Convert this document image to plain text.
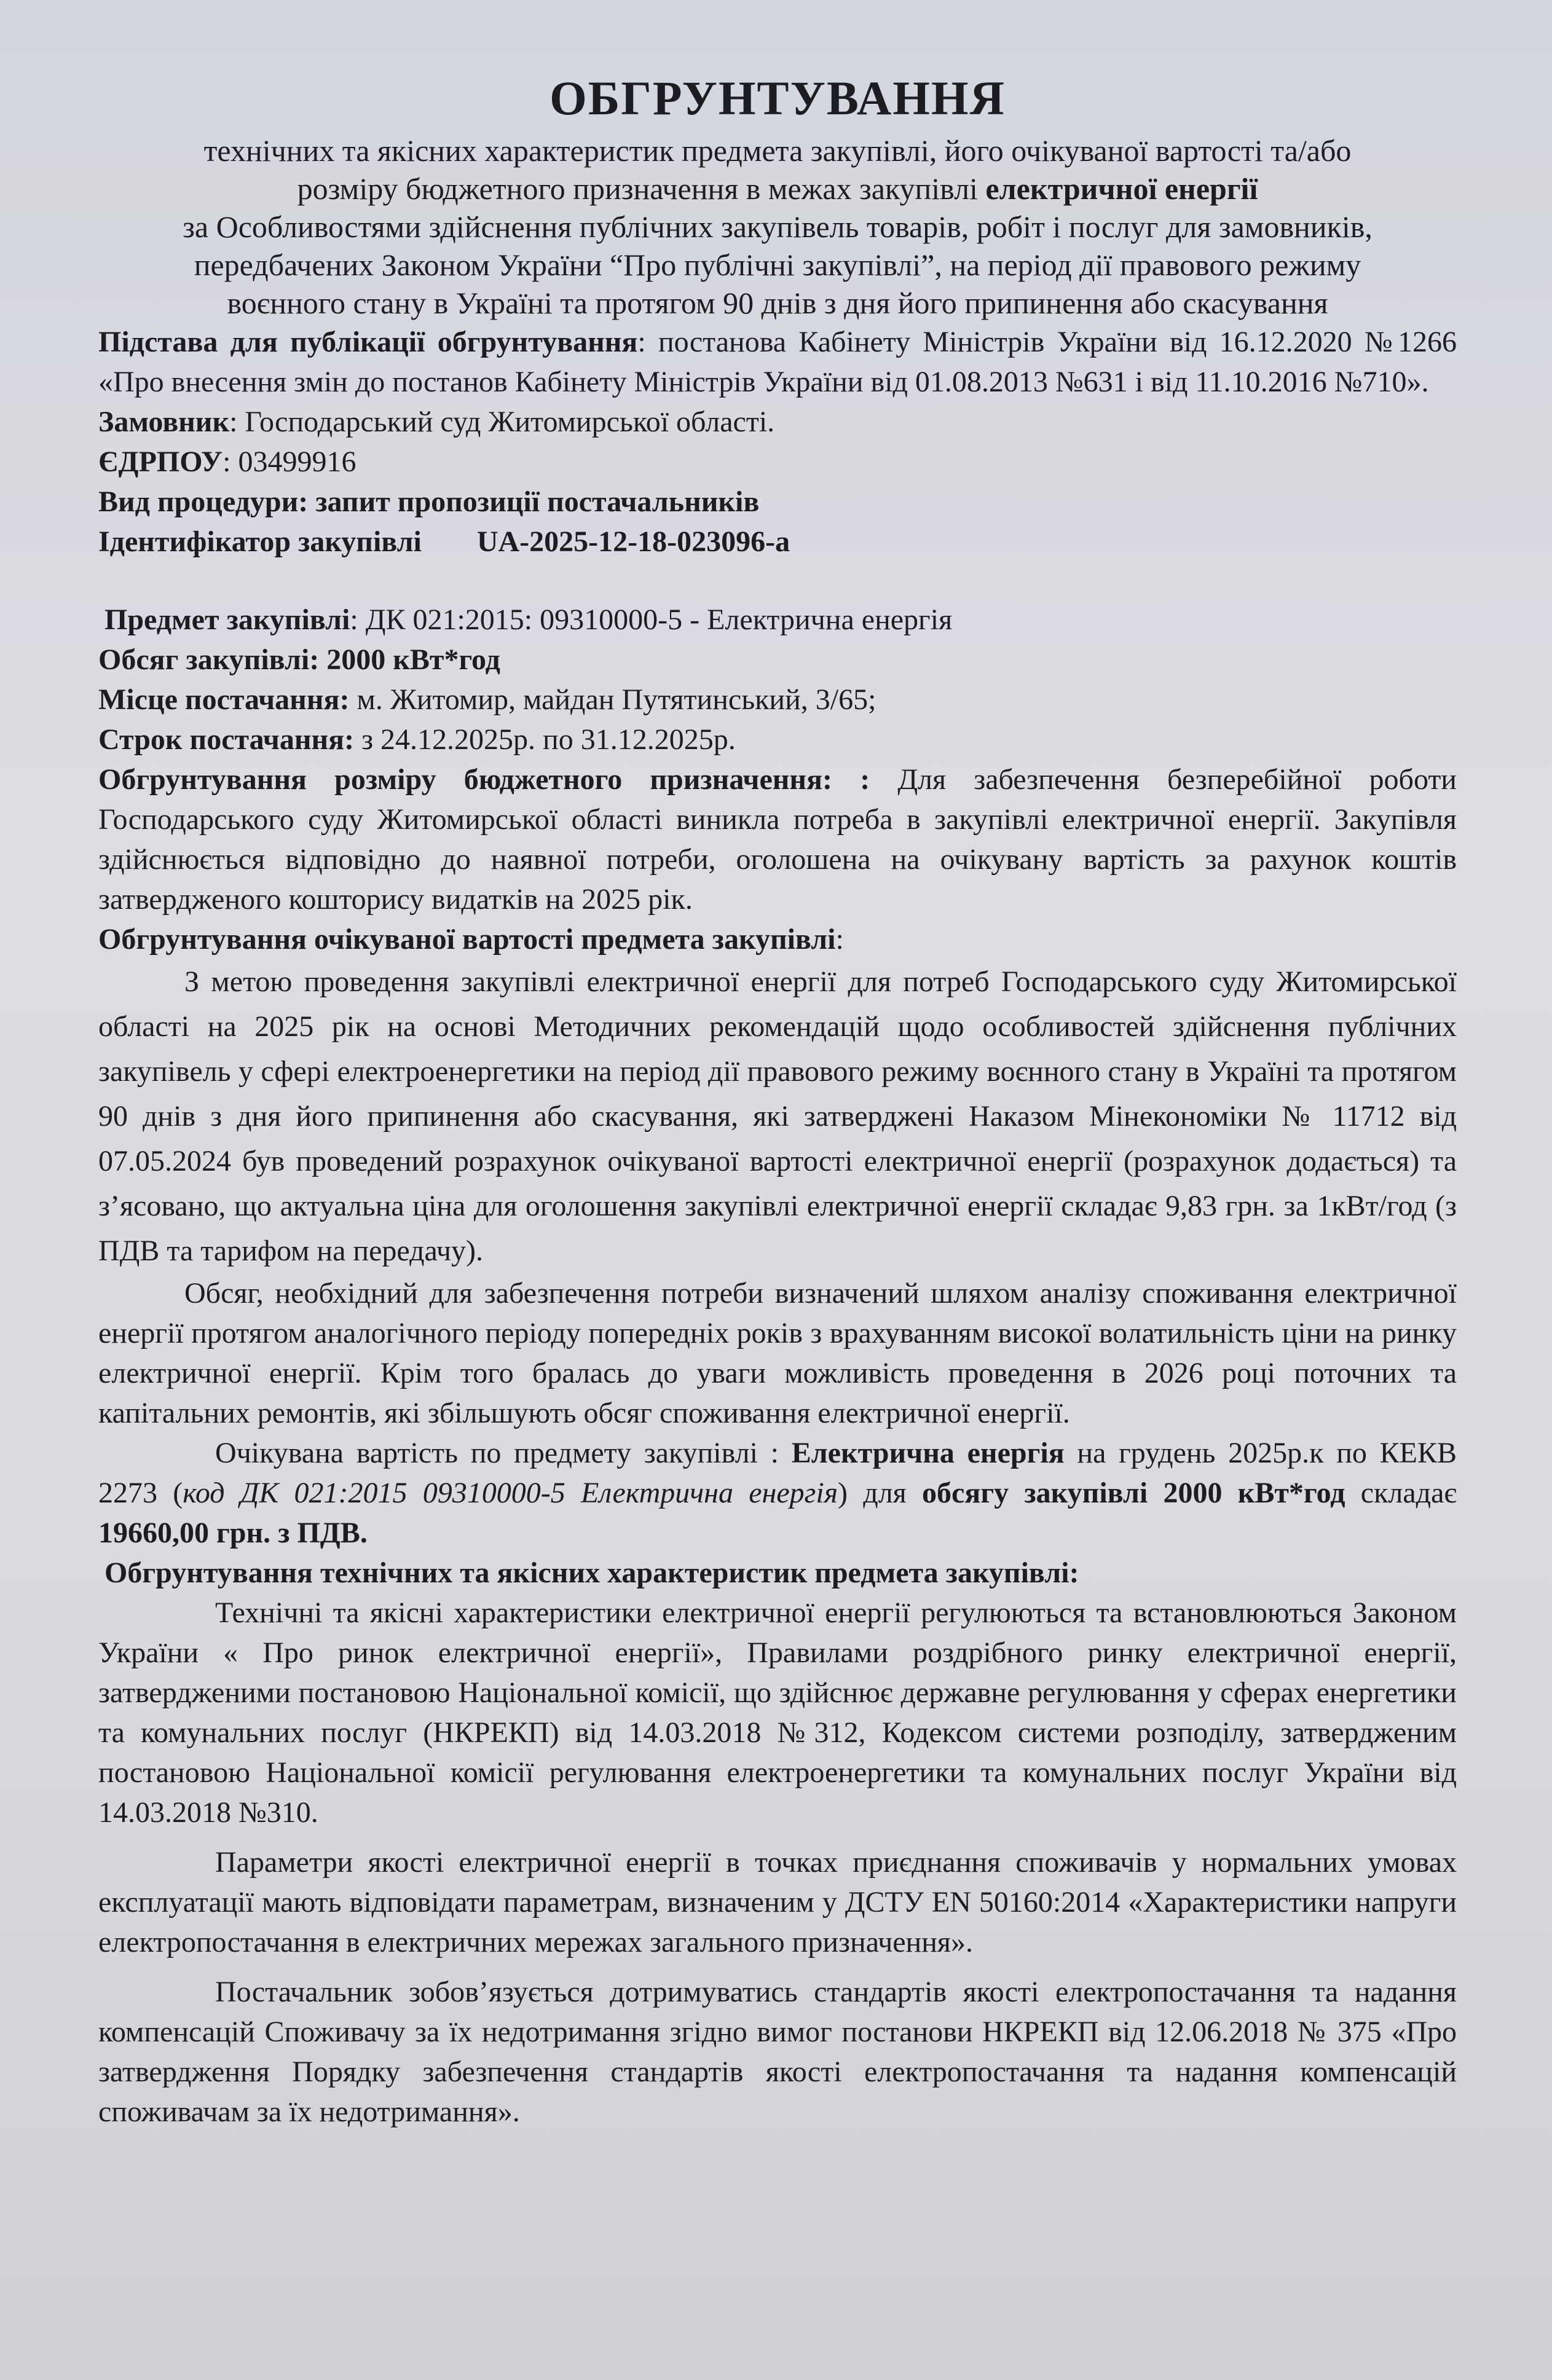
ОБГРУНТУВАННЯ

технічних та якісних характеристик предмета закупівлі, його очікуваної вартості та/або

розміру бюджетного призначення в межах закупівлі електричної енергії

за Особливостями здійснення публічних закупівель товарів, робіт і послуг для замовників,

передбачених Законом України “Про публічні закупівлі”, на період дії правового режиму

воєнного стану в Україні та протягом 90 днів з дня його припинення або скасування

Підстава для публікації обгрунтування: постанова Кабінету Міністрів України від 16.12.2020 №1266 «Про внесення змін до постанов Кабінету Міністрів України від 01.08.2013 №631 і від 11.10.2016 №710».

Замовник: Господарський суд Житомирської області.

ЄДРПОУ: 03499916

Вид процедури: запит пропозиції постачальників

Ідентифікатор закупівлі UA-2025-12-18-023096-a

Предмет закупівлі: ДК 021:2015: 09310000-5 - Електрична енергія

Обсяг закупівлі: 2000 кВт*год

Місце постачання: м. Житомир, майдан Путятинський, 3/65;

Строк постачання: з 24.12.2025р. по 31.12.2025р.

Обгрунтування розміру бюджетного призначення: : Для забезпечення безперебійної роботи Господарського суду Житомирської області виникла потреба в закупівлі електричної енергії. Закупівля здійснюється відповідно до наявної потреби, оголошена на очікувану вартість за рахунок коштів затвердженого кошторису видатків на 2025 рік.

Обгрунтування очікуваної вартості предмета закупівлі:

З метою проведення закупівлі електричної енергії для потреб Господарського суду Житомирської області на 2025 рік на основі Методичних рекомендацій щодо особливостей здійснення публічних закупівель у сфері електроенергетики на період дії правового режиму воєнного стану в Україні та протягом 90 днів з дня його припинення або скасування, які затверджені Наказом Мінекономіки № 11712 від 07.05.2024 був проведений розрахунок очікуваної вартості електричної енергії (розрахунок додається) та з’ясовано, що актуальна ціна для оголошення закупівлі електричної енергії складає 9,83 грн. за 1кВт/год (з ПДВ та тарифом на передачу).

Обсяг, необхідний для забезпечення потреби визначений шляхом аналізу споживання електричної енергії протягом аналогічного періоду попередніх років з врахуванням високої волатильність ціни на ринку електричної енергії. Крім того бралась до уваги можливість проведення в 2026 році поточних та капітальних ремонтів, які збільшують обсяг споживання електричної енергії.

Очікувана вартість по предмету закупівлі : Електрична енергія на грудень 2025р.к по КЕКВ 2273 (код ДК 021:2015 09310000-5 Електрична енергія) для обсягу закупівлі 2000 кВт*год складає 19660,00 грн. з ПДВ.

Обгрунтування технічних та якісних характеристик предмета закупівлі:

Технічні та якісні характеристики електричної енергії регулюються та встановлюються Законом України « Про ринок електричної енергії», Правилами роздрібного ринку електричної енергії, затвердженими постановою Національної комісії, що здійснює державне регулювання у сферах енергетики та комунальних послуг (НКРЕКП) від 14.03.2018 №312, Кодексом системи розподілу, затвердженим постановою Національної комісії регулювання електроенергетики та комунальних послуг України від 14.03.2018 №310.

Параметри якості електричної енергії в точках приєднання споживачів у нормальних умовах експлуатації мають відповідати параметрам, визначеним у ДСТУ EN 50160:2014 «Характеристики напруги електропостачання в електричних мережах загального призначення».

Постачальник зобов’язується дотримуватись стандартів якості електропостачання та надання компенсацій Споживачу за їх недотримання згідно вимог постанови НКРЕКП від 12.06.2018 № 375 «Про затвердження Порядку забезпечення стандартів якості електропостачання та надання компенсацій споживачам за їх недотримання».
